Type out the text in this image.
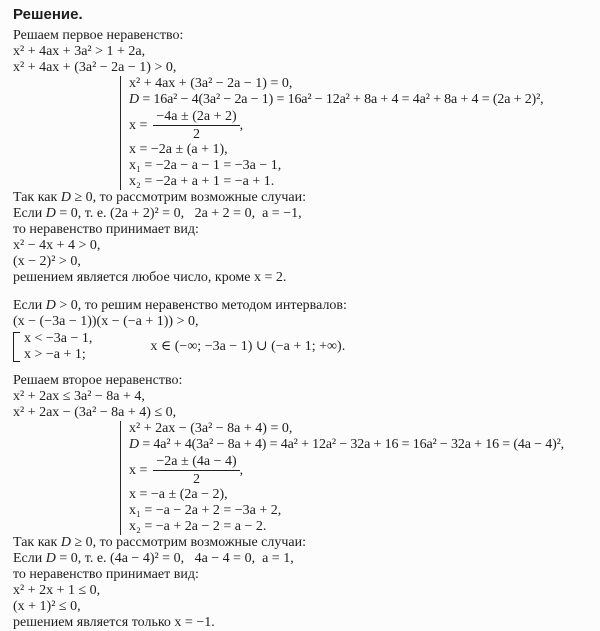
Решение.

Решаем первое неравенство:

x² + 4ax + 3a² > 1 + 2a,

x² + 4ax + (3a² − 2a − 1) > 0,

x² + 4ax + (3a² − 2a − 1) = 0,

D = 16a² − 4(3a² − 2a − 1) = 16a² − 12a² + 8a + 4 = 4a² + 8a + 4 = (2a + 2)²,

$x = \frac{-4a \pm (2a + 2)}{2}$ ,

x = −2a ± (a + 1),

x₁ = −2a − a − 1 = −3a − 1,

x₂ = −2a + a + 1 = −a + 1.

Так как D ≥ 0, то рассмотрим возможные случаи:

Если D = 0, т. е. (2a + 2)² = 0,   2a + 2 = 0,  a = −1,

то неравенство принимает вид:

x² − 4x + 4 > 0,

(x − 2)² > 0,

решением является любое число, кроме x = 2.

Если D > 0, то решим неравенство методом интервалов:

(x − (−3a − 1))(x − (−a + 1)) > 0,

x < −3a − 1,

x > −a + 1;

x ∈ (−∞; −3a − 1) ∪ (−a + 1; +∞).

Решаем второе неравенство:

x² + 2ax ≤ 3a² − 8a + 4,

x² + 2ax − (3a² − 8a + 4) ≤ 0,

x² + 2ax − (3a² − 8a + 4) = 0,

D = 4a² + 4(3a² − 8a + 4) = 4a² + 12a² − 32a + 16 = 16a² − 32a + 16 = (4a − 4)²,

$x = \frac{-2a \pm (4a - 4)}{2}$ ,

x = −a ± (2a − 2),

x₁ = −a − 2a + 2 = −3a + 2,

x₂ = −a + 2a − 2 = a − 2.

Так как D ≥ 0, то рассмотрим возможные случаи:

Если D = 0, т. е. (4a − 4)² = 0,   4a − 4 = 0,  a = 1,

то неравенство принимает вид:

x² + 2x + 1 ≤ 0,

(x + 1)² ≤ 0,

решением является только x = −1.
